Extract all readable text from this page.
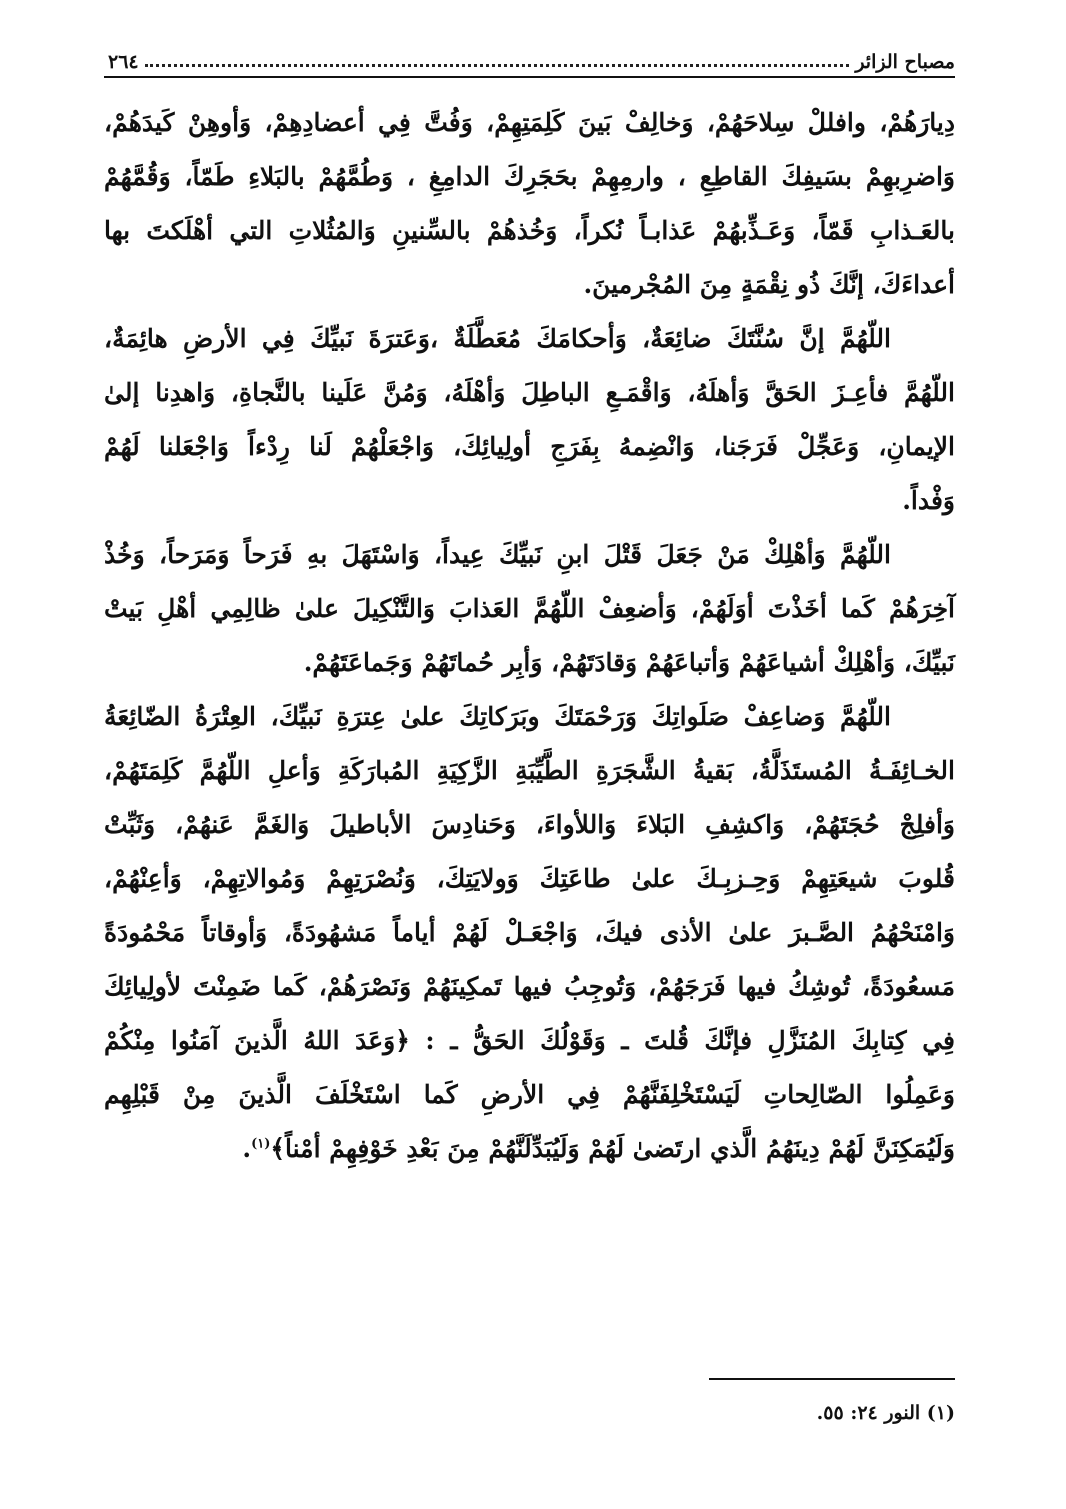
مصباح الزائر
٢٦٤
دِيارَهُمْ، وافللْ سِلاحَهُمْ، وَخالِفْ بَينَ كَلِمَتِهِمْ، وَفُتَّ فِي أعضادِهِمْ، وَأوهِنْ كَيدَهُمْ،
وَاضرِبهِمْ بسَيفِكَ القاطِعِ ، وارمِهِمْ بحَجَرِكَ الدامِغِ ، وَطُمَّهُمْ بالبَلاءِ طَمّاً، وَقُمَّهُمْ
بالعَـذابِ قَمّاً، وَعَـذِّبهُمْ عَذابـاً نُكراً، وَخُذهُمْ بالسِّنينِ وَالمُثُلاتِ التي أهْلَكتَ بها
أعداءَكَ، إنَّكَ ذُو نِقْمَةٍ مِنَ المُجْرمينَ.
اللّهُمَّ إنَّ سُنَّتَكَ ضائِعَةٌ، وَأحكامَكَ مُعَطَّلَةٌ ،وَعَترَةَ نَبيِّكَ فِي الأرضِ هائِمَةٌ،
اللّهُمَّ فأعِـزَ الحَقَّ وَأهلَهُ، وَاقْمَـعِ الباطِلَ وَأهْلَهُ، وَمُنَّ عَلَينا بالنَّجاةِ، وَاهدِنا إلىٰ
الإيمانِ، وَعَجِّلْ فَرَجَنا، وَانْضِمهُ بِفَرَجِ أولِيائِكَ، وَاجْعَلْهُمْ لَنا رِدْءاً وَاجْعَلنا لَهُمْ
وَفْداً.
اللّهُمَّ وَأهْلِكْ مَنْ جَعَلَ قَتْلَ ابنِ نَبيِّكَ عِيداً، وَاسْتَهَلَ بهِ فَرَحاً وَمَرَحاً، وَخُذْ
آخِرَهُمْ كَما أخَذْتَ أوَلَهُمْ، وَأضعِفْ اللّهُمَّ العَذابَ وَالتَّنْكِيلَ علىٰ ظالِمِي أهْلِ بَيتْ
نَبيِّكَ، وَأهْلِكْ أشياعَهُمْ وَأتباعَهُمْ وَقادَتَهُمْ، وَأبِر حُماتَهُمْ وَجَماعَتَهُمْ.
اللّهُمَّ وَضاعِفْ صَلَواتِكَ وَرَحْمَتَكَ وبَرَكاتِكَ علىٰ عِترَةِ نَبيِّكَ، العِتْرَةُ الضّائِعَةُ
الخـائِفَـةُ المُستَذَلَّةُ، بَقيةُ الشَّجَرَةِ الطَّيِّبَةِ الزَّكِيَةِ المُبارَكَةِ وَأعلِ اللّهُمَّ كَلِمَتَهُمْ،
وَأفلِجْ حُجَتَهُمْ، وَاكشِفِ البَلاءَ وَاللأواءَ، وَحَنادِسَ الأباطيلَ وَالغَمَّ عَنهُمْ، وَثَبِّتْ
قُلوبَ شيعَتِهِمْ وَحِـزبِـكَ علىٰ طاعَتِكَ وَولايَتِكَ، وَنُصْرَتِهِمْ وَمُوالاتِهِمْ، وَأعِنْهُمْ،
وَامْنَحْهُمُ الصَّـبرَ علىٰ الأذى فيكَ، وَاجْعَـلْ لَهُمْ أياماً مَشهُودَةً، وَأوقاتاً مَحْمُودَةً
مَسعُودَةً، تُوشِكُ فيها فَرَجَهُمْ، وَتُوجِبُ فيها تَمكِينَهُمْ وَنَصْرَهُمْ، كَما ضَمِنْتَ لأولِيائِكَ
فِي كِتابِكَ المُنَزَّلِ فإنَّكَ قُلتَ ـ وَقَوْلُكَ الحَقُّ ـ : ﴿وَعَدَ اللهُ الَّذينَ آمَنُوا مِنْكُمْ
وَعَمِلُوا الصّالِحاتِ لَيَسْتَخْلِفَنَّهُمْ فِي الأرضِ كَما اسْتَخْلَفَ الَّذينَ مِنْ قَبْلِهِم
وَلَيُمَكِنَنَّ لَهُمْ دِينَهُمُ الَّذي ارتَضىٰ لَهُمْ وَلَيُبَدِّلَنَّهُمْ مِنَ بَعْدِ خَوْفِهِمْ أمْناً﴾$^{(١)}$.
(١) النور ٢٤: ٥٥.
